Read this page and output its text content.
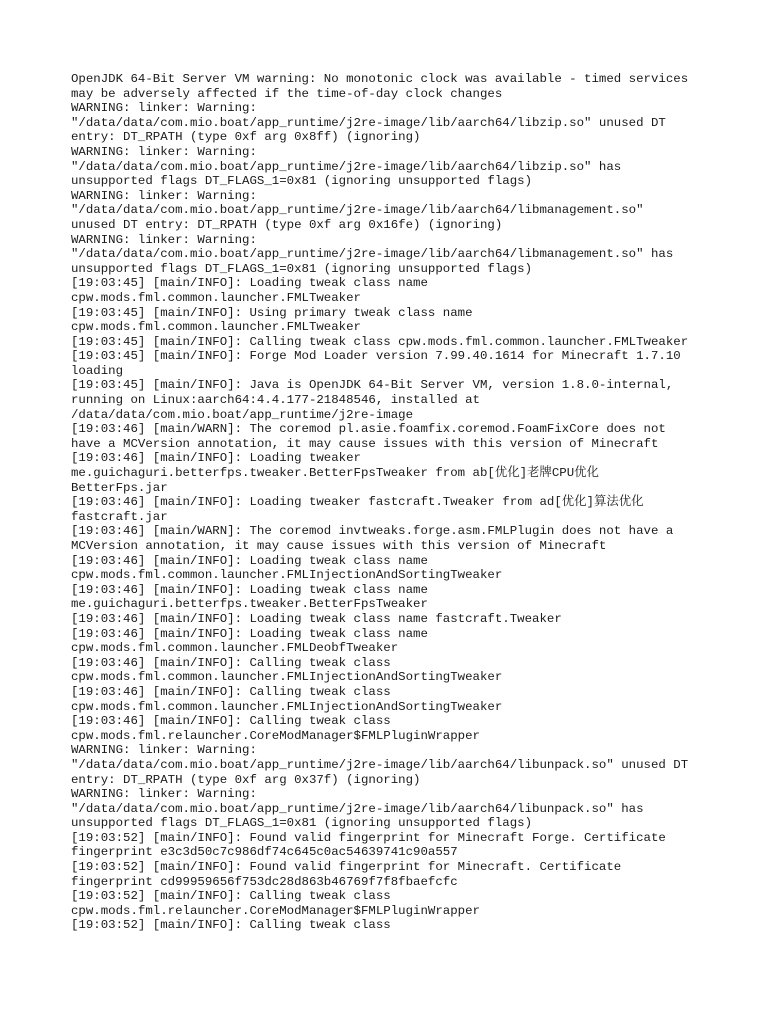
OpenJDK 64-Bit Server VM warning: No monotonic clock was available - timed services

may be adversely affected if the time-of-day clock changes

WARNING: linker: Warning:

"/data/data/com.mio.boat/app_runtime/j2re-image/lib/aarch64/libzip.so" unused DT

entry: DT_RPATH (type 0xf arg 0x8ff) (ignoring)

WARNING: linker: Warning:

"/data/data/com.mio.boat/app_runtime/j2re-image/lib/aarch64/libzip.so" has

unsupported flags DT_FLAGS_1=0x81 (ignoring unsupported flags)

WARNING: linker: Warning:

"/data/data/com.mio.boat/app_runtime/j2re-image/lib/aarch64/libmanagement.so"

unused DT entry: DT_RPATH (type 0xf arg 0x16fe) (ignoring)

WARNING: linker: Warning:

"/data/data/com.mio.boat/app_runtime/j2re-image/lib/aarch64/libmanagement.so" has

unsupported flags DT_FLAGS_1=0x81 (ignoring unsupported flags)

[19:03:45] [main/INFO]: Loading tweak class name

cpw.mods.fml.common.launcher.FMLTweaker

[19:03:45] [main/INFO]: Using primary tweak class name

cpw.mods.fml.common.launcher.FMLTweaker

[19:03:45] [main/INFO]: Calling tweak class cpw.mods.fml.common.launcher.FMLTweaker

[19:03:45] [main/INFO]: Forge Mod Loader version 7.99.40.1614 for Minecraft 1.7.10

loading

[19:03:45] [main/INFO]: Java is OpenJDK 64-Bit Server VM, version 1.8.0-internal,

running on Linux:aarch64:4.4.177-21848546, installed at

/data/data/com.mio.boat/app_runtime/j2re-image

[19:03:46] [main/WARN]: The coremod pl.asie.foamfix.coremod.FoamFixCore does not

have a MCVersion annotation, it may cause issues with this version of Minecraft

[19:03:46] [main/INFO]: Loading tweaker

me.guichaguri.betterfps.tweaker.BetterFpsTweaker from ab[优化]老牌CPU优化

BetterFps.jar

[19:03:46] [main/INFO]: Loading tweaker fastcraft.Tweaker from ad[优化]算法优化

fastcraft.jar

[19:03:46] [main/WARN]: The coremod invtweaks.forge.asm.FMLPlugin does not have a

MCVersion annotation, it may cause issues with this version of Minecraft

[19:03:46] [main/INFO]: Loading tweak class name

cpw.mods.fml.common.launcher.FMLInjectionAndSortingTweaker

[19:03:46] [main/INFO]: Loading tweak class name

me.guichaguri.betterfps.tweaker.BetterFpsTweaker

[19:03:46] [main/INFO]: Loading tweak class name fastcraft.Tweaker

[19:03:46] [main/INFO]: Loading tweak class name

cpw.mods.fml.common.launcher.FMLDeobfTweaker

[19:03:46] [main/INFO]: Calling tweak class

cpw.mods.fml.common.launcher.FMLInjectionAndSortingTweaker

[19:03:46] [main/INFO]: Calling tweak class

cpw.mods.fml.common.launcher.FMLInjectionAndSortingTweaker

[19:03:46] [main/INFO]: Calling tweak class

cpw.mods.fml.relauncher.CoreModManager$FMLPluginWrapper

WARNING: linker: Warning:

"/data/data/com.mio.boat/app_runtime/j2re-image/lib/aarch64/libunpack.so" unused DT

entry: DT_RPATH (type 0xf arg 0x37f) (ignoring)

WARNING: linker: Warning:

"/data/data/com.mio.boat/app_runtime/j2re-image/lib/aarch64/libunpack.so" has

unsupported flags DT_FLAGS_1=0x81 (ignoring unsupported flags)

[19:03:52] [main/INFO]: Found valid fingerprint for Minecraft Forge. Certificate

fingerprint e3c3d50c7c986df74c645c0ac54639741c90a557

[19:03:52] [main/INFO]: Found valid fingerprint for Minecraft. Certificate

fingerprint cd99959656f753dc28d863b46769f7f8fbaefcfc

[19:03:52] [main/INFO]: Calling tweak class

cpw.mods.fml.relauncher.CoreModManager$FMLPluginWrapper

[19:03:52] [main/INFO]: Calling tweak class
